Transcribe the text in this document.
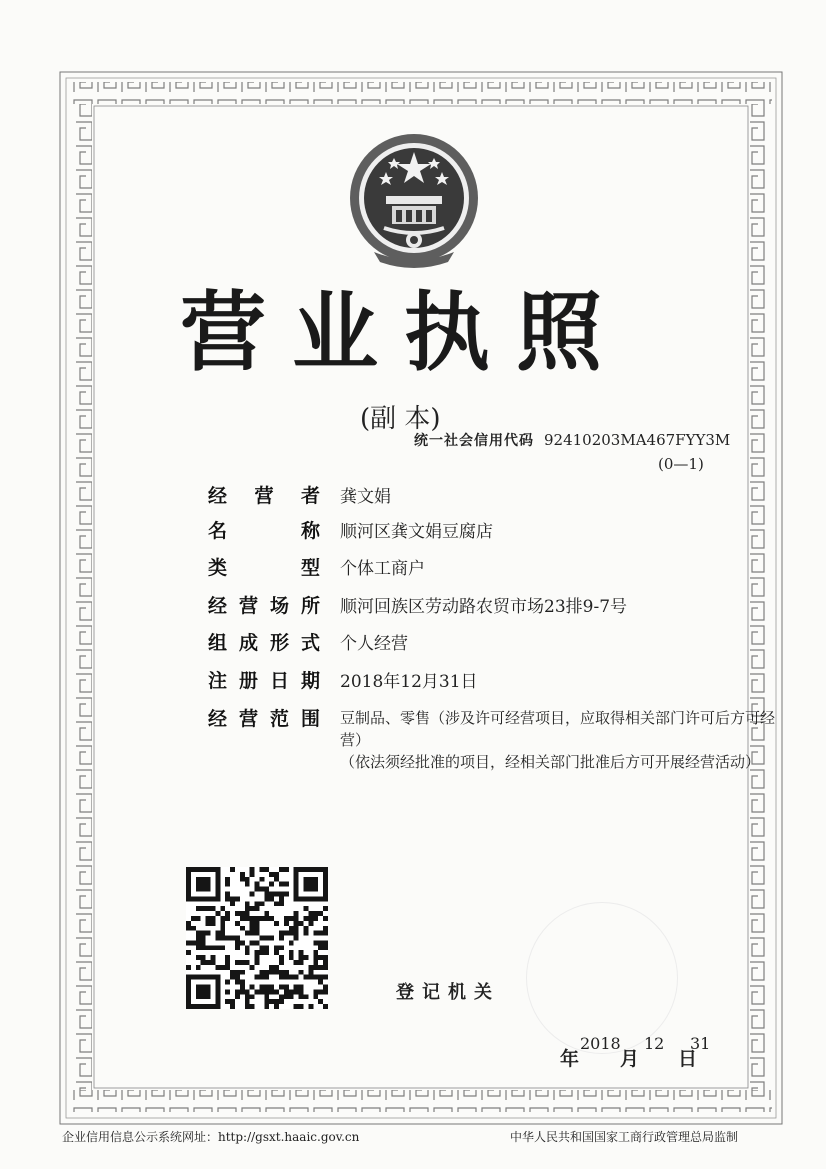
营业执照
(副 本)
统一社会信用代码 92410203MA467FYY3M
(0—1)
经 营 者 龚文娟
名	称 顺河区龚文娟豆腐店
类	型 个体工商户
经 营 场 所 顺河回族区劳动路农贸市场23排9-7号
组 成 形 式 个人经营
注 册 日 期 2018年12月31日
经 营 范 围 豆制品、零售（涉及许可经营项目，应取得相关部门许可后方可经营）

（依法须经批准的项目，经相关部门批准后方可开展经营活动）

登记机关
2018
年
12
月
31
日
企业信用信息公示系统网址：http://gsxt.haaic.gov.cn	中华人民共和国国家工商行政管理总局监制
